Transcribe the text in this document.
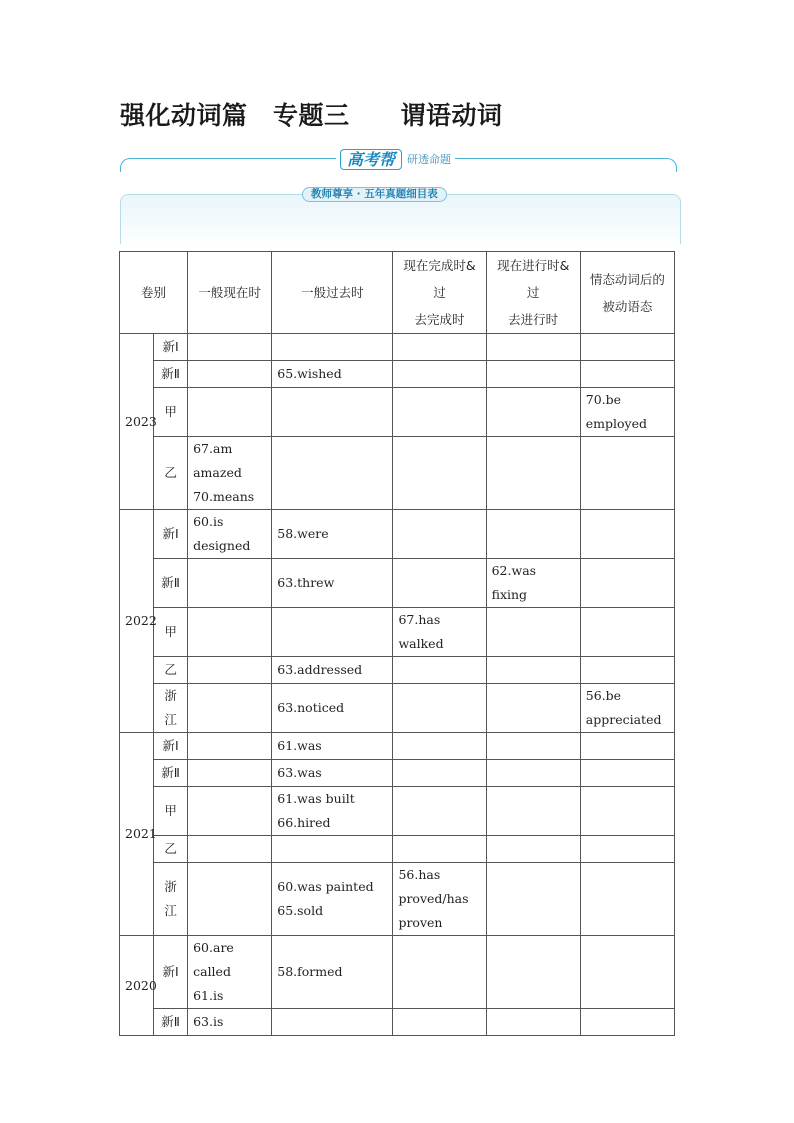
强化动词篇　专题三　　谓语动词
高考帮	研透命题
教师尊享 · 五年真题细目表
卷别		一般现在时	一般过去时	现在完成时&
过
去完成时	现在进行时&
过
去进行时	情态动词后的
被动语态

2023	新Ⅰ					
	新Ⅱ		65.wished			

	甲					70.be
employed

	乙	67.am
amazed
70.means				

2022	新Ⅰ	60.is
designed	58.were			

	新Ⅱ		63.threw		62.was fixing	

	甲			67.has
walked		

	乙		63.addressed			

	浙江		63.noticed			56.be
appreciated

2021	新Ⅰ		61.was			

	新Ⅱ		63.was			

	甲		61.was built
66.hired			

	乙					
	浙江		60.was painted
65.sold	56.has
proved/has
proven		

2020	新Ⅰ	60.are
called
61.is	58.formed			

	新Ⅱ	63.is				
